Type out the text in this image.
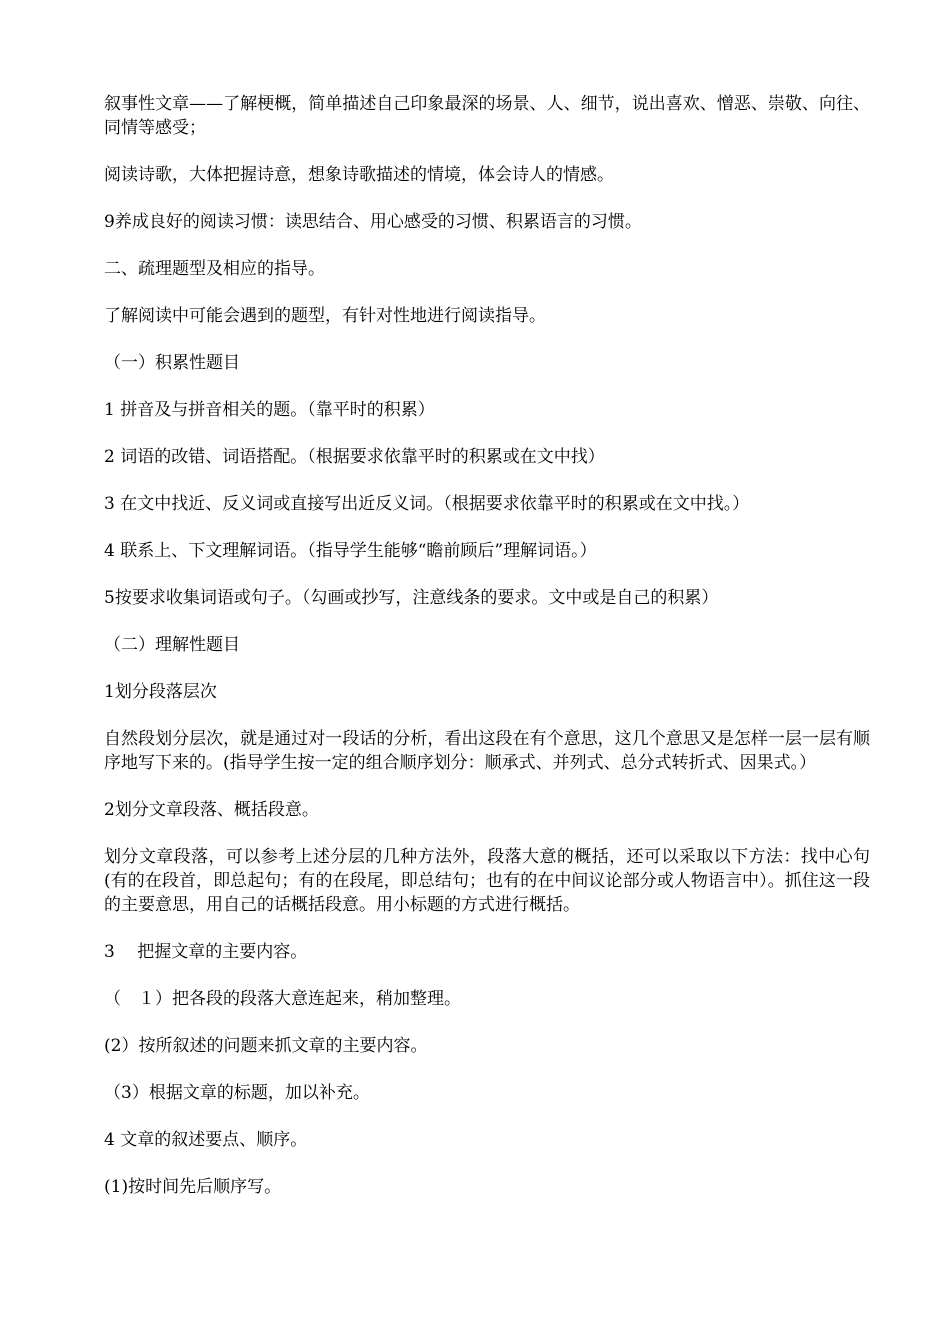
叙事性文章——了解梗概，简单描述自己印象最深的场景、人、细节，说出喜欢、憎恶、崇敬、向往、同情等感受；

阅读诗歌，大体把握诗意，想象诗歌描述的情境，体会诗人的情感。

9养成良好的阅读习惯：读思结合、用心感受的习惯、积累语言的习惯。

二、疏理题型及相应的指导。

了解阅读中可能会遇到的题型，有针对性地进行阅读指导。

（一）积累性题目

1 拼音及与拼音相关的题。（靠平时的积累）

2 词语的改错、词语搭配。（根据要求依靠平时的积累或在文中找）

3 在文中找近、反义词或直接写出近反义词。（根据要求依靠平时的积累或在文中找。）

4 联系上、下文理解词语。（指导学生能够“瞻前顾后”理解词语。）

5按要求收集词语或句子。（勾画或抄写，注意线条的要求。文中或是自己的积累）

（二）理解性题目

1划分段落层次

自然段划分层次，就是通过对一段话的分析，看出这段在有个意思，这几个意思又是怎样一层一层有顺序地写下来的。(指导学生按一定的组合顺序划分：顺承式、并列式、总分式转折式、因果式。）

2划分文章段落、概括段意。

划分文章段落，可以参考上述分层的几种方法外，段落大意的概括，还可以采取以下方法：找中心句(有的在段首，即总起句；有的在段尾，即总结句；也有的在中间议论部分或人物语言中）。抓住这一段的主要意思，用自己的话概括段意。用小标题的方式进行概括。

3　 把握文章的主要内容。

（　１）把各段的段落大意连起来，稍加整理。

(2）按所叙述的问题来抓文章的主要内容。

（3）根据文章的标题，加以补充。

4 文章的叙述要点、顺序。

(1)按时间先后顺序写。
